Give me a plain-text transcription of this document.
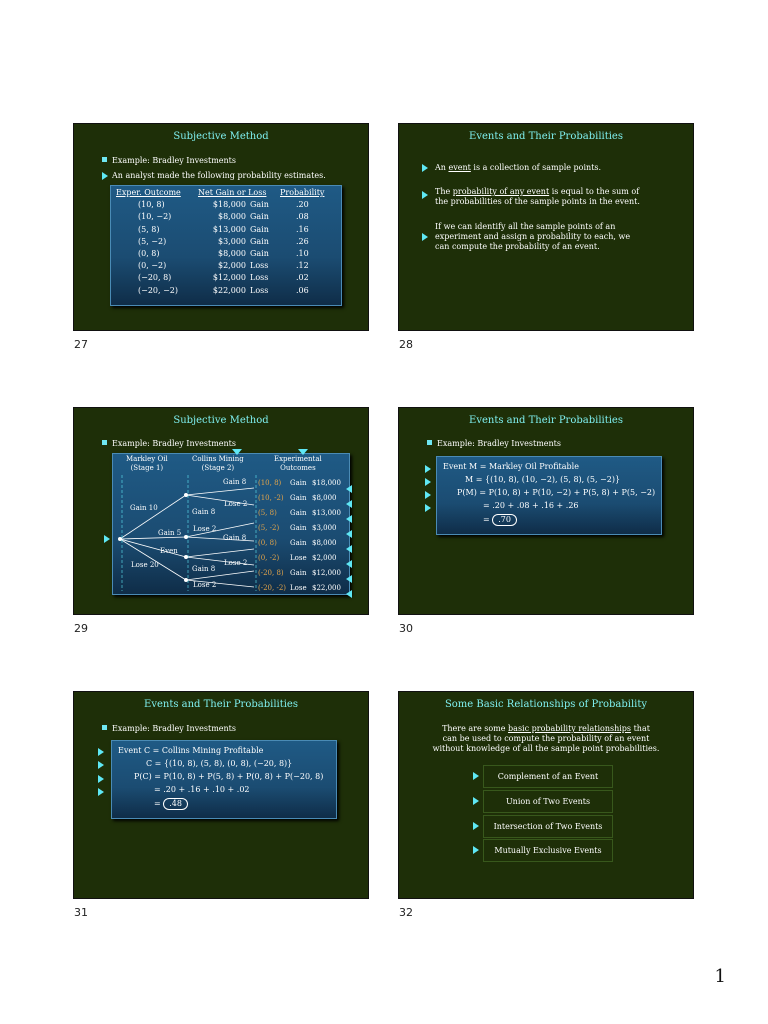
Subjective Method
Example: Bradley Investments
An analyst made the following probability estimates.
Exper. Outcome	Net Gain or Loss		Probability
(10, 8)	$18,000	Gain	.20
(10, −2)	$8,000	Gain	.08
(5, 8)	$13,000	Gain	.16
(5, −2)	$3,000	Gain	.26
(0, 8)	$8,000	Gain	.10
(0, −2)	$2,000	Loss	.12
(−20, 8)	$12,000	Loss	.02
(−20, −2)	$22,000	Loss	.06
27
Events and Their Probabilities
An event is a collection of sample points.
The probability of any event is equal to the sum of
the probabilities of the sample points in the event.
If we can identify all the sample points of an
experiment and assign a probability to each, we
can compute the probability of an event.
28
Subjective Method
Example: Bradley Investments
Markley Oil
(Stage 1)
Collins Mining
(Stage 2)
Experimental
Outcomes
Gain 10
Gain 5
Even
Lose 20
Gain 8
Lose 2
Gain 8
Lose 2
Gain 8
Lose 2
Gain 8
Lose 2
(10, 8) Gain $18,000
(10, -2) Gain $8,000
(5, 8) Gain $13,000
(5, -2) Gain $3,000
(0, 8) Gain $8,000
(0, -2) Lose $2,000
(-20, 8) Gain $12,000
(-20, -2) Lose $22,000
29
Events and Their Probabilities
Example: Bradley Investments
Event M = Markley Oil Profitable
M = {(10, 8), (10, −2), (5, 8), (5, −2)}
P(M) = P(10, 8) + P(10, −2) + P(5, 8) + P(5, −2)
= .20 + .08 + .16 + .26
= .70
30
Events and Their Probabilities
Example: Bradley Investments
Event C = Collins Mining Profitable
C = {(10, 8), (5, 8), (0, 8), (−20, 8)}
P(C) = P(10, 8) + P(5, 8) + P(0, 8) + P(−20, 8)
= .20 + .16 + .10 + .02
= .48
31
Some Basic Relationships of Probability
There are some basic probability relationships that
can be used to compute the probability of an event
without knowledge of all the sample point probabilities.
Complement of an Event
Union of Two Events
Intersection of Two Events
Mutually Exclusive Events
32
1
